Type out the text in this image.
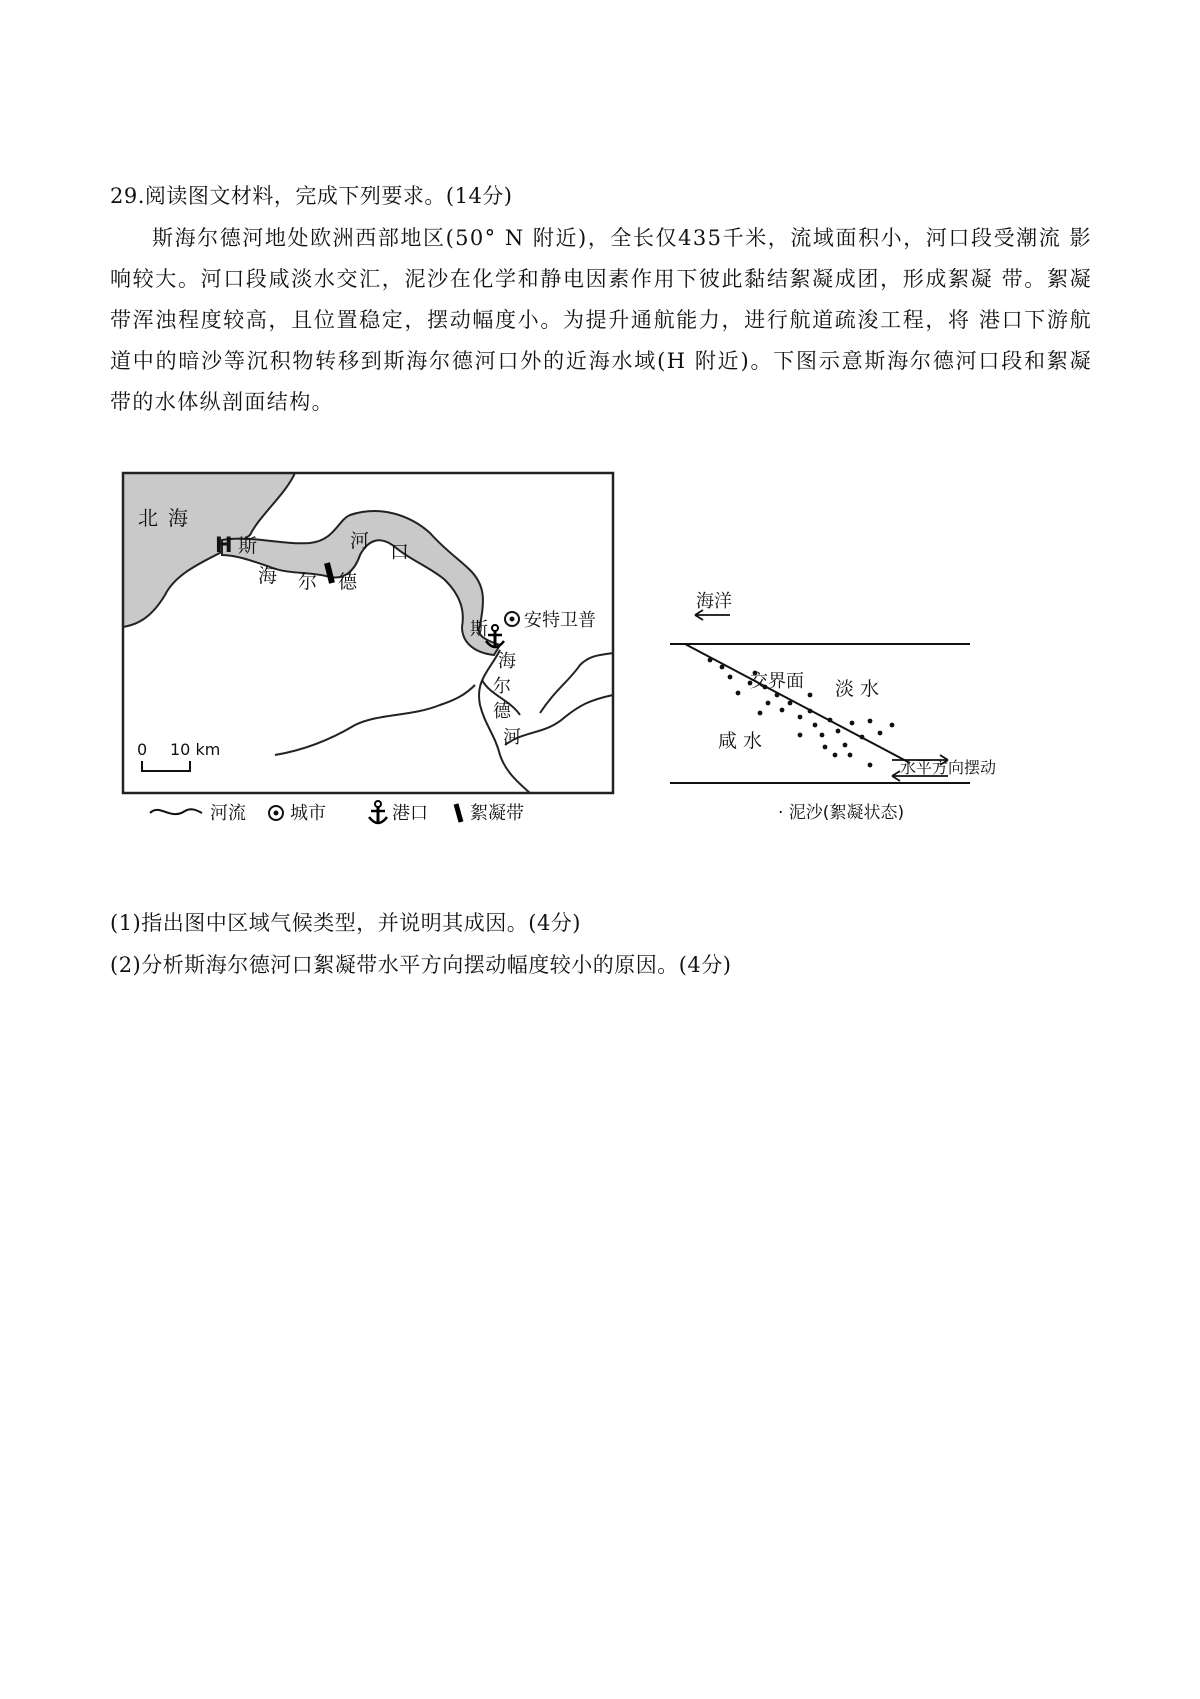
29.阅读图文材料，完成下列要求。(14分)

斯海尔德河地处欧洲西部地区(50° N 附近)，全长仅435千米，流域面积小，河口段受潮流 影响较大。河口段咸淡水交汇，泥沙在化学和静电因素作用下彼此黏结絮凝成团，形成絮凝 带。絮凝带浑浊程度较高，且位置稳定，摆动幅度小。为提升通航能力，进行航道疏浚工程，将 港口下游航道中的暗沙等沉积物转移到斯海尔德河口外的近海水域(H 附近)。下图示意斯海尔德河口段和絮凝带的水体纵剖面结构。

北 海
H 斯
海 尔 德
河 口
安特卫普
斯
海
尔
德
河
0 10 km
河流 城市	港口 絮凝带
海洋
交界面 淡 水
咸 水
水平方向摆动
· 泥沙(絮凝状态)
(1)指出图中区域气候类型，并说明其成因。(4分)
(2)分析斯海尔德河口絮凝带水平方向摆动幅度较小的原因。(4分)
